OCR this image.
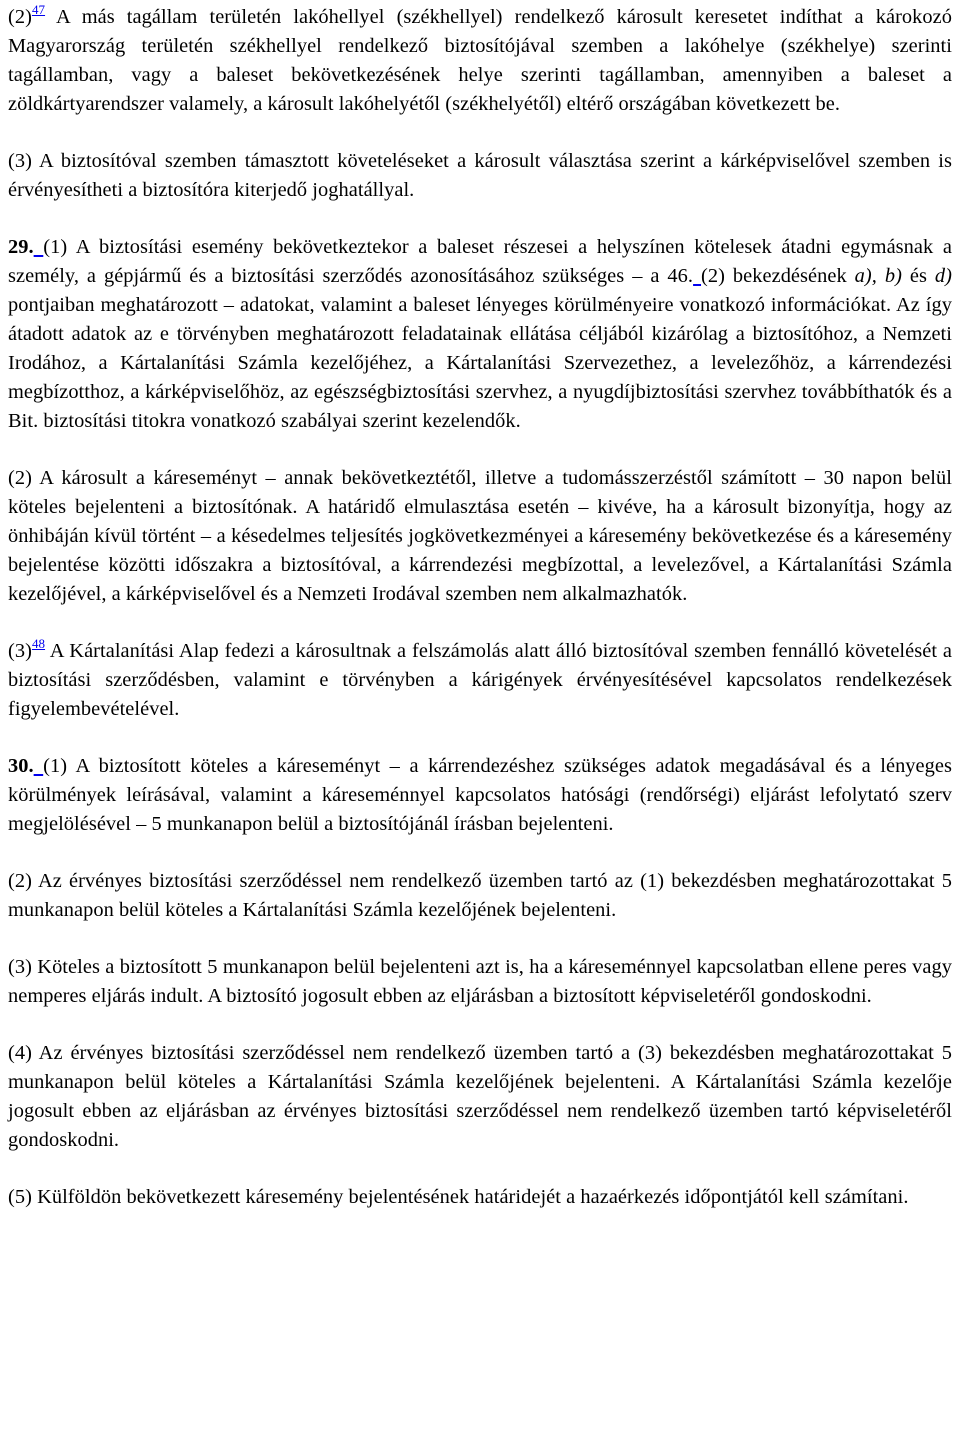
$(2)^{47}$ A más tagállam területén lakóhellyel (székhellyel) rendelkező károsult keresetet indíthat a károkozó Magyarország területén székhellyel rendelkező biztosítójával szemben a lakóhelye (székhelye) szerinti tagállamban, vagy a baleset bekövetkezésének helye szerinti tagállamban, amennyiben a baleset a zöldkártyarendszer valamely, a károsult lakóhelyétől (székhelyétől) eltérő országában következett be.

(3) A biztosítóval szemben támasztott követeléseket a károsult választása szerint a kárképviselővel szemben is érvényesítheti a biztosítóra kiterjedő joghatállyal.

29. (1) A biztosítási esemény bekövetkeztekor a baleset részesei a helyszínen kötelesek átadni egymásnak a személy, a gépjármű és a biztosítási szerződés azonosításához szükséges – a 46. (2) bekezdésének a), b) és d) pontjaiban meghatározott – adatokat, valamint a baleset lényeges körülményeire vonatkozó információkat. Az így átadott adatok az e törvényben meghatározott feladatainak ellátása céljából kizárólag a biztosítóhoz, a Nemzeti Irodához, a Kártalanítási Számla kezelőjéhez, a Kártalanítási Szervezethez, a levelezőhöz, a kárrendezési megbízotthoz, a kárképviselőhöz, az egészségbiztosítási szervhez, a nyugdíjbiztosítási szervhez továbbíthatók és a Bit. biztosítási titokra vonatkozó szabályai szerint kezelendők.

(2) A károsult a káreseményt – annak bekövetkeztétől, illetve a tudomásszerzéstől számított – 30 napon belül köteles bejelenteni a biztosítónak. A határidő elmulasztása esetén – kivéve, ha a károsult bizonyítja, hogy az önhibáján kívül történt – a késedelmes teljesítés jogkövetkezményei a káresemény bekövetkezése és a káresemény bejelentése közötti időszakra a biztosítóval, a kárrendezési megbízottal, a levelezővel, a Kártalanítási Számla kezelőjével, a kárképviselővel és a Nemzeti Irodával szemben nem alkalmazhatók.

$(3)^{48}$ A Kártalanítási Alap fedezi a károsultnak a felszámolás alatt álló biztosítóval szemben fennálló követelését a biztosítási szerződésben, valamint e törvényben a kárigények érvényesítésével kapcsolatos rendelkezések figyelembevételével.

30. (1) A biztosított köteles a káreseményt – a kárrendezéshez szükséges adatok megadásával és a lényeges körülmények leírásával, valamint a káreseménnyel kapcsolatos hatósági (rendőrségi) eljárást lefolytató szerv megjelölésével – 5 munkanapon belül a biztosítójánál írásban bejelenteni.

(2) Az érvényes biztosítási szerződéssel nem rendelkező üzemben tartó az (1) bekezdésben meghatározottakat 5 munkanapon belül köteles a Kártalanítási Számla kezelőjének bejelenteni.

(3) Köteles a biztosított 5 munkanapon belül bejelenteni azt is, ha a káreseménnyel kapcsolatban ellene peres vagy nemperes eljárás indult. A biztosító jogosult ebben az eljárásban a biztosított képviseletéről gondoskodni.

(4) Az érvényes biztosítási szerződéssel nem rendelkező üzemben tartó a (3) bekezdésben meghatározottakat 5 munkanapon belül köteles a Kártalanítási Számla kezelőjének bejelenteni. A Kártalanítási Számla kezelője jogosult ebben az eljárásban az érvényes biztosítási szerződéssel nem rendelkező üzemben tartó képviseletéről gondoskodni.

(5) Külföldön bekövetkezett káresemény bejelentésének határidejét a hazaérkezés időpontjától kell számítani.
